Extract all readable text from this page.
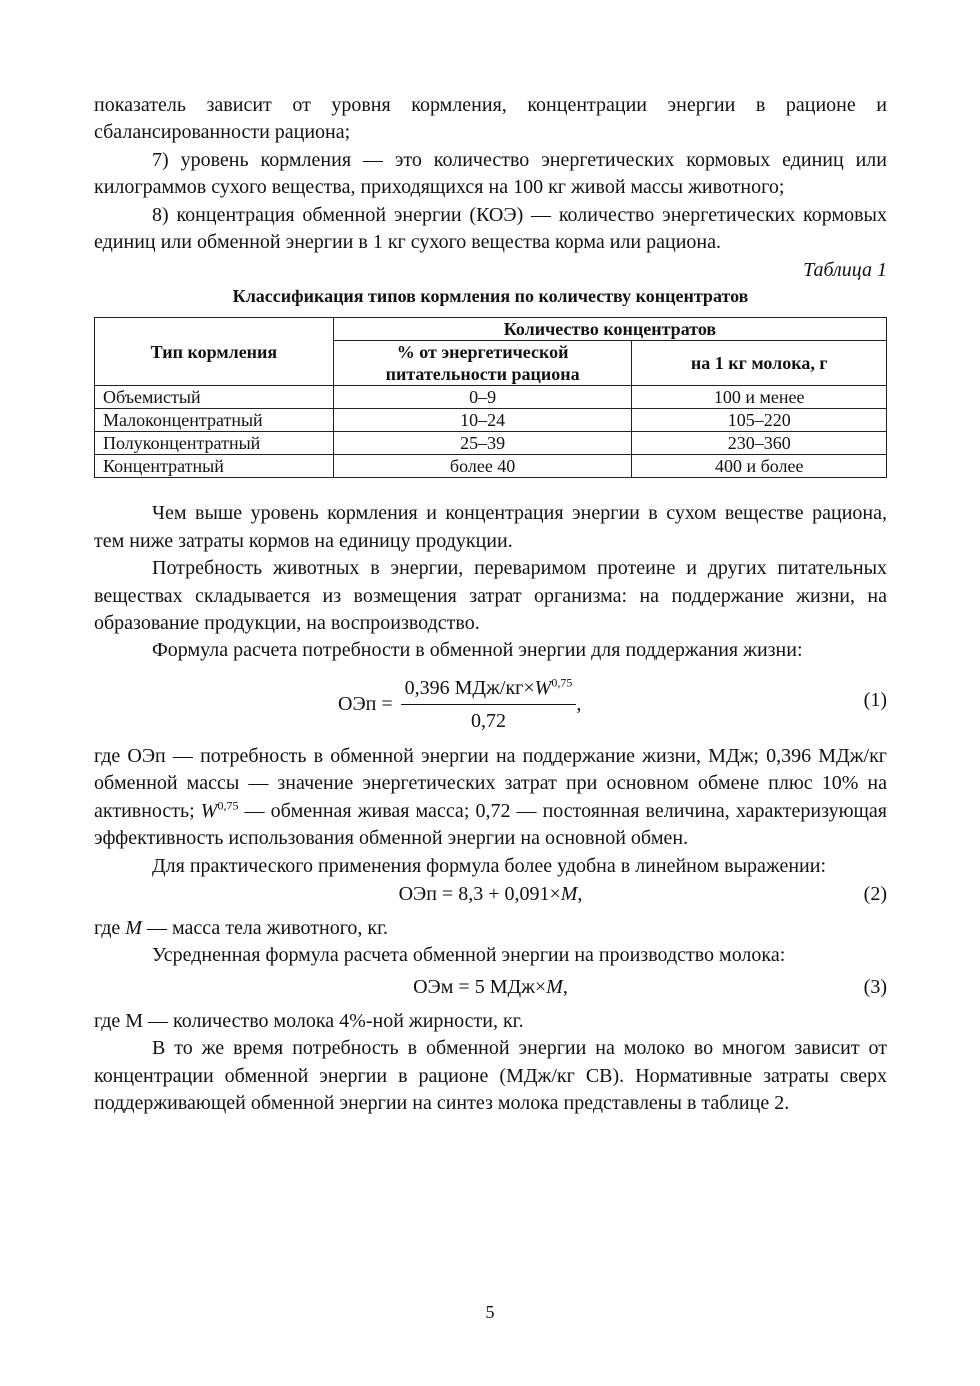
показатель зависит от уровня кормления, концентрации энергии в рационе и сбалансированности рациона;

7) уровень кормления — это количество энергетических кормовых единиц или килограммов сухого вещества, приходящихся на 100 кг живой массы животного;

8) концентрация обменной энергии (КОЭ) — количество энергетических кормовых единиц или обменной энергии в 1 кг сухого вещества корма или рациона.

Таблица 1

Классификация типов кормления по количеству концентратов

Тип кормления	Количество концентратов	
	% от энергетической питательности рациона	на 1 кг молока, г
Объемистый	0–9	100 и менее
Малоконцентратный	10–24	105–220
Полуконцентратный	25–39	230–360
Концентратный	более 40	400 и более

Чем выше уровень кормления и концентрация энергии в сухом веществе рациона, тем ниже затраты кормов на единицу продукции.

Потребность животных в энергии, переваримом протеине и других питательных веществах складывается из возмещения затрат организма: на поддержание жизни, на образование продукции, на воспроизводство.

Формула расчета потребности в обменной энергии для поддержания жизни:

ОЭп = $\frac{0,396 МДж/кг\times W^{0,75}}{0,72}$ ,	(1)

где ОЭп — потребность в обменной энергии на поддержание жизни, МДж; 0,396 МДж/кг обменной массы — значение энергетических затрат при основном обмене плюс 10% на активность; W$^{0,75}$ — обменная живая масса; 0,72 — постоянная величина, характеризующая эффективность использования обменной энергии на основной обмен.

Для практического применения формула более удобна в линейном выражении:

ОЭп = 8,3 + 0,091×М,	(2)

где М — масса тела животного, кг.

Усредненная формула расчета обменной энергии на производство молока:

ОЭм = 5 МДж×М,	(3)

где М — количество молока 4%-ной жирности, кг.

В то же время потребность в обменной энергии на молоко во многом зависит от концентрации обменной энергии в рационе (МДж/кг СВ). Нормативные затраты сверх поддерживающей обменной энергии на синтез молока представлены в таблице 2.

5
